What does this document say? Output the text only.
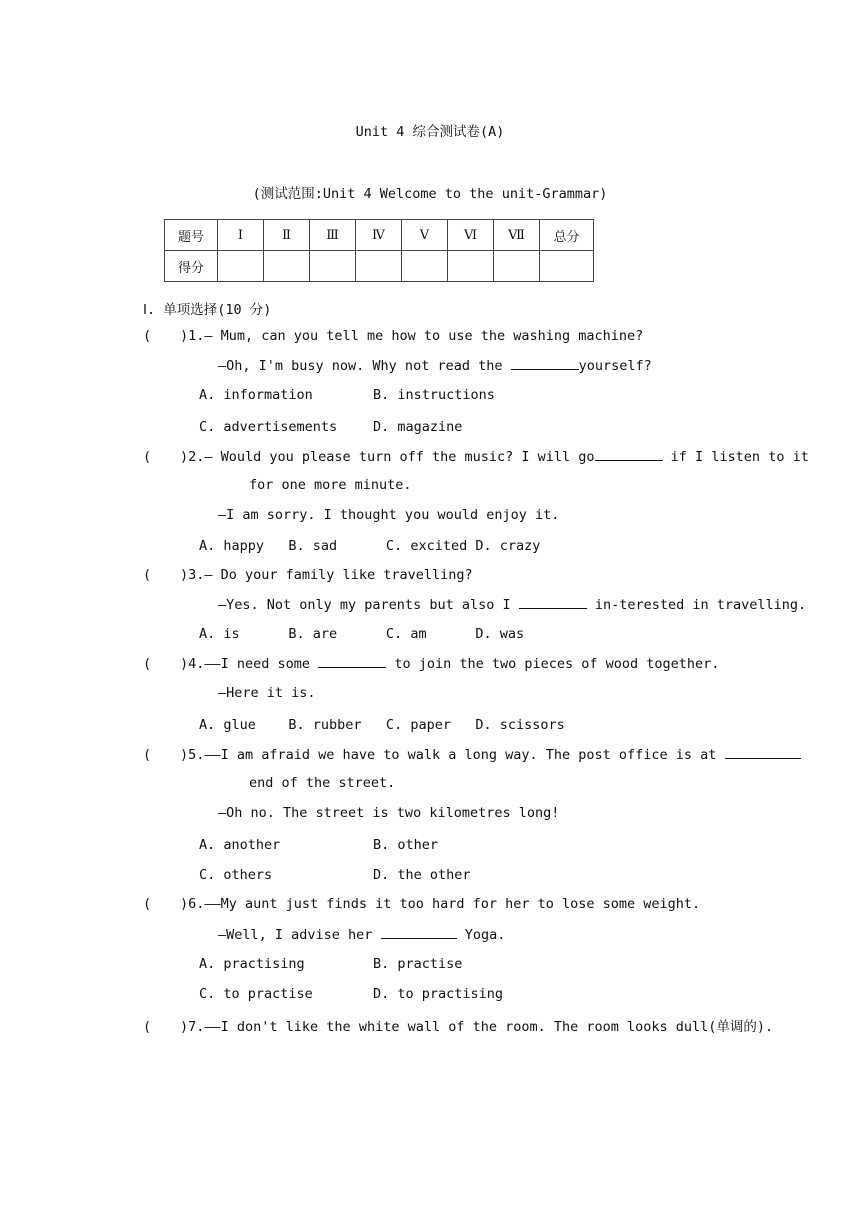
Unit 4 综合测试卷(A)
(测试范围:Unit 4 Welcome to the unit-Grammar)
题号	Ⅰ	Ⅱ	Ⅲ	Ⅳ	Ⅴ	Ⅵ	Ⅶ	总分
得分								
Ⅰ. 单项选择(10 分)
( )1.— Mum, can you tell me how to use the washing machine?
—Oh, I'm busy now. Why not read the	yourself?
A. information	B. instructions
C. advertisements	D. magazine
( )2.— Would you please turn off the music? I will go	if I listen to it
for one more minute.
—I am sorry. I thought you would enjoy it.
A. happy   B. sad      C. excited D. crazy
( )3.— Do your family like travelling?
—Yes. Not only my parents but also I	in-terested in travelling.
A. is      B. are      C. am      D. was
( )4.——I need some	to join the two pieces of wood together.
—Here it is.
A. glue    B. rubber   C. paper   D. scissors
( )5.——I am afraid we have to walk a long way. The post office is at
end of the street.
—Oh no. The street is two kilometres long!
A. another	B. other
C. others	D. the other
( )6.——My aunt just finds it too hard for her to lose some weight.
—Well, I advise her	Yoga.
A. practising	B. practise
C. to practise	D. to practising
( )7.——I don't like the white wall of the room. The room looks dull(单调的).
